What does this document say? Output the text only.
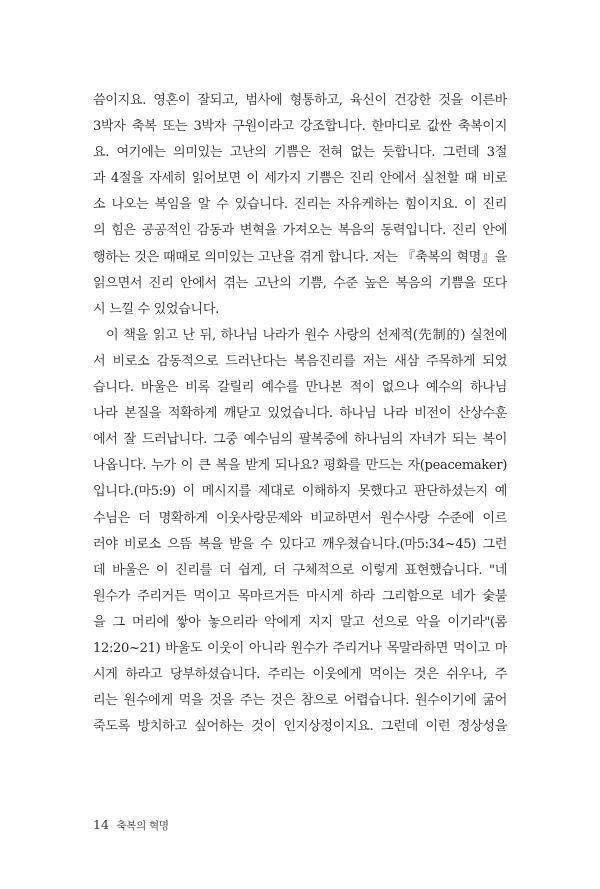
씀이지요. 영혼이 잘되고, 범사에 형통하고, 육신이 건강한 것을 이른바
3박자 축복 또는 3박자 구원이라고 강조합니다. 한마디로 값싼 축복이지
요. 여기에는 의미있는 고난의 기쁨은 전혀 없는 듯합니다. 그런데 3절
과 4절을 자세히 읽어보면 이 세가지 기쁨은 진리 안에서 실천할 때 비로
소 나오는 복임을 알 수 있습니다. 진리는 자유케하는 힘이지요. 이 진리
의 힘은 공공적인 감동과 변혁을 가져오는 복음의 동력입니다. 진리 안에
행하는 것은 때때로 의미있는 고난을 겪게 합니다. 저는 『축복의 혁명』을
읽으면서 진리 안에서 겪는 고난의 기쁨, 수준 높은 복음의 기쁨을 또다
시 느낄 수 있었습니다.
이 책을 읽고 난 뒤, 하나님 나라가 원수 사랑의 선제적(先制的) 실천에
서 비로소 감동적으로 드러난다는 복음진리를 저는 새삼 주목하게 되었
습니다. 바울은 비록 갈릴리 예수를 만나본 적이 없으나 예수의 하나님
나라 본질을 적확하게 깨닫고 있었습니다. 하나님 나라 비전이 산상수훈
에서 잘 드러납니다. 그중 예수님의 팔복중에 하나님의 자녀가 되는 복이
나옵니다. 누가 이 큰 복을 받게 되나요? 평화를 만드는 자(peacemaker)
입니다.(마5:9) 이 메시지를 제대로 이해하지 못했다고 판단하셨는지 예
수님은 더 명확하게 이웃사랑문제와 비교하면서 원수사랑 수준에 이르
러야 비로소 으뜸 복을 받을 수 있다고 깨우쳤습니다.(마5:34~45) 그런
데 바울은 이 진리를 더 쉽게, 더 구체적으로 이렇게 표현했습니다. "네
원수가 주리거든 먹이고 목마르거든 마시게 하라 그리함으로 네가 숯불
을 그 머리에 쌓아 놓으리라 악에게 지지 말고 선으로 악을 이기라"(롬
12:20~21) 바울도 이웃이 아니라 원수가 주리거나 목말라하면 먹이고 마
시게 하라고 당부하셨습니다. 주리는 이웃에게 먹이는 것은 쉬우나, 주
리는 원수에게 먹을 것을 주는 것은 참으로 어렵습니다. 원수이기에 굶어
죽도록 방치하고 싶어하는 것이 인지상정이지요. 그런데 이런 정상성을
14 축복의 혁명
